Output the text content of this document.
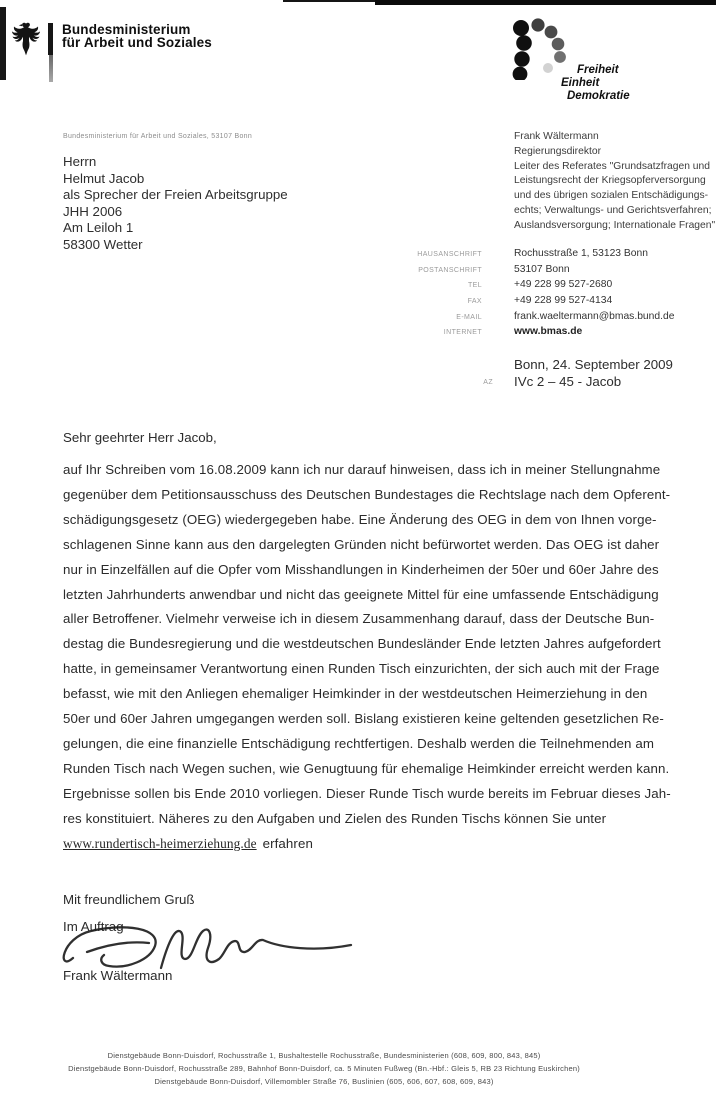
Bundesministerium
für Arbeit und Soziales
Freiheit
Einheit
Demokratie
Bundesministerium für Arbeit und Soziales, 53107 Bonn
Herrn
Helmut Jacob
als Sprecher der Freien Arbeitsgruppe
JHH 2006
Am Leiloh 1
58300 Wetter
Frank Wältermann
Regierungsdirektor
Leiter des Referates "Grundsatzfragen und
Leistungsrecht der Kriegsopferversorgung
und des übrigen sozialen Entschädigungs-
echts; Verwaltungs- und Gerichtsverfahren;
Auslandsversorgung; Internationale Fragen"
HAUSANSCHRIFT	Rochusstraße 1, 53123 Bonn
POSTANSCHRIFT	53107 Bonn
TEL	+49 228 99 527-2680
FAX	+49 228 99 527-4134
E-MAIL	frank.waeltermann@bmas.bund.de
INTERNET	www.bmas.de
Bonn, 24. September 2009
AZ IVc 2 – 45 - Jacob
Sehr geehrter Herr Jacob,
auf Ihr Schreiben vom 16.08.2009 kann ich nur darauf hinweisen, dass ich in meiner Stellungnahme
gegenüber dem Petitionsausschuss des Deutschen Bundestages die Rechtslage nach dem Opferent-
schädigungsgesetz (OEG) wiedergegeben habe. Eine Änderung des OEG in dem von Ihnen vorge-
schlagenen Sinne kann aus den dargelegten Gründen nicht befürwortet werden. Das OEG ist daher
nur in Einzelfällen auf die Opfer vom Misshandlungen in Kinderheimen der 50er und 60er Jahre des
letzten Jahrhunderts anwendbar und nicht das geeignete Mittel für eine umfassende Entschädigung
aller Betroffener. Vielmehr verweise ich in diesem Zusammenhang darauf, dass der Deutsche Bun-
destag die Bundesregierung und die westdeutschen Bundesländer Ende letzten Jahres aufgefordert
hatte, in gemeinsamer Verantwortung einen Runden Tisch einzurichten, der sich auch mit der Frage
befasst, wie mit den Anliegen ehemaliger Heimkinder in der westdeutschen Heimerziehung in den
50er und 60er Jahren umgegangen werden soll. Bislang existieren keine geltenden gesetzlichen Re-
gelungen, die eine finanzielle Entschädigung rechtfertigen. Deshalb werden die Teilnehmenden am
Runden Tisch nach Wegen suchen, wie Genugtuung für ehemalige Heimkinder erreicht werden kann.
Ergebnisse sollen bis Ende 2010 vorliegen. Dieser Runde Tisch wurde bereits im Februar dieses Jah-
res konstituiert. Näheres zu den Aufgaben und Zielen des Runden Tischs können Sie unter
www.rundertisch-heimerziehung.de erfahren
Mit freundlichem Gruß
Im Auftrag
Frank Wältermann
Dienstgebäude Bonn-Duisdorf, Rochusstraße 1, Bushaltestelle Rochusstraße, Bundesministerien (608, 609, 800, 843, 845)
Dienstgebäude Bonn-Duisdorf, Rochusstraße 289, Bahnhof Bonn-Duisdorf, ca. 5 Minuten Fußweg (Bn.-Hbf.: Gleis 5, RB 23 Richtung Euskirchen)
Dienstgebäude Bonn-Duisdorf, Villemombler Straße 76, Buslinien (605, 606, 607, 608, 609, 843)
